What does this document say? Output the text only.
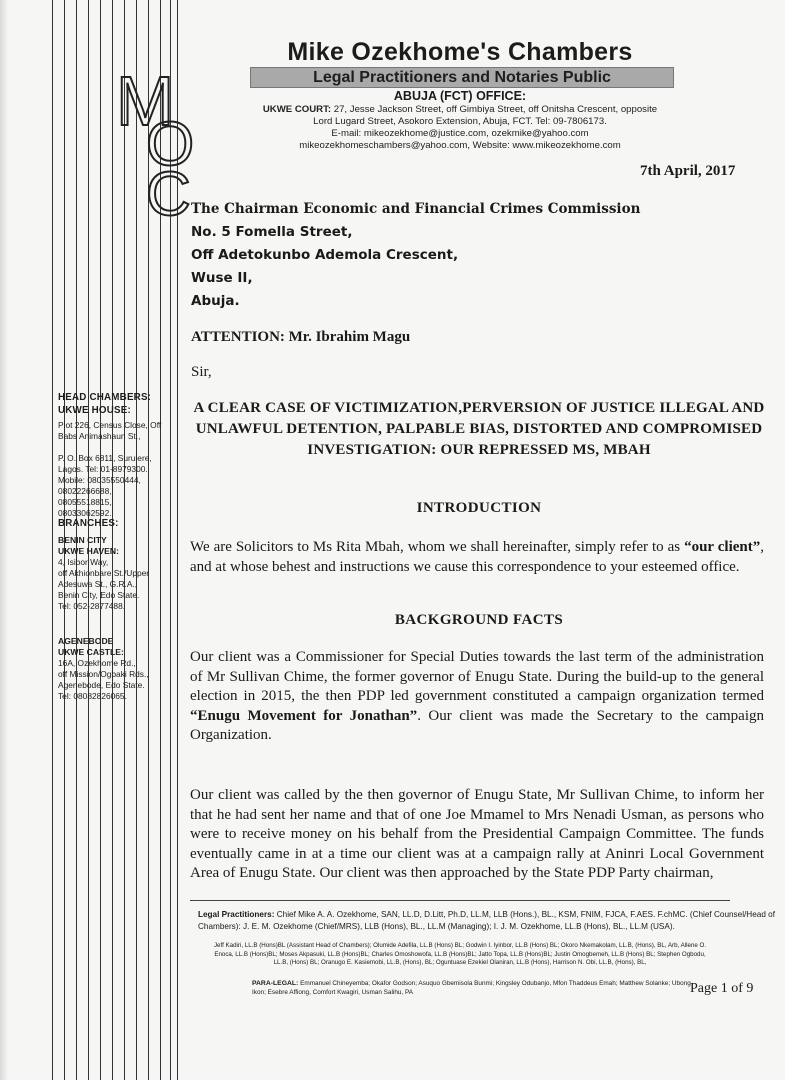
M
O
C
Mike Ozekhome's Chambers
Legal Practitioners and Notaries Public
ABUJA (FCT) OFFICE:
UKWE COURT: 27, Jesse Jackson Street, off Gimbiya Street, off Onitsha Crescent, opposite
Lord Lugard Street, Asokoro Extension, Abuja, FCT. Tel: 09-7806173.
E-mail: mikeozekhome@justice.com, ozekmike@yahoo.com
mikeozekhomeschambers@yahoo.com, Website: www.mikeozekhome.com
7th April, 2017
The Chairman Economic and Financial Crimes Commission
No. 5 Fomella Street,
Off Adetokunbo Ademola Crescent,
Wuse II,
Abuja.
ATTENTION: Mr. Ibrahim Magu
Sir,
A CLEAR CASE OF VICTIMIZATION,PERVERSION OF JUSTICE ILLEGAL AND UNLAWFUL DETENTION, PALPABLE BIAS, DISTORTED AND COMPROMISED INVESTIGATION: OUR REPRESSED MS, MBAH
INTRODUCTION
We are Solicitors to Ms Rita Mbah, whom we shall hereinafter, simply refer to as “our client”, and at whose behest and instructions we cause this correspondence to your esteemed office.
BACKGROUND FACTS
Our client was a Commissioner for Special Duties towards the last term of the administration of Mr Sullivan Chime, the former governor of Enugu State. During the build-up to the general election in 2015, the then PDP led government constituted a campaign organization termed “Enugu Movement for Jonathan”. Our client was made the Secretary to the campaign Organization.
Our client was called by the then governor of Enugu State, Mr Sullivan Chime, to inform her that he had sent her name and that of one Joe Mmamel to Mrs Nenadi Usman, as persons who were to receive money on his behalf from the Presidential Campaign Committee. The funds eventually came in at a time our client was at a campaign rally at Aninri Local Government Area of Enugu State. Our client was then approached by the State PDP Party chairman,
HEAD CHAMBERS:
UKWE HOUSE:
Plot 226, Census Close, Off
Babs Animashaun St.,

P. O. Box 6811, Surulere,
Lagos. Tel: 01-8979300.
Mobile: 08035550444,
08022266688,
08055518815,
08033062592.
BRANCHES:
BENIN CITY
UKWE HAVEN:
4, Isibor Way,
off Akhionbare St./Upper
Adesuwa St., G.R.A.,
Benin City, Edo State.
Tel: 052-2877488.
AGENEBODE
UKWE CASTLE:
16A, Ozekhome Rd.,
off Mission/Ogbaki Rds.,
Agenebode, Edo State.
Tel: 08082826065.
Legal Practitioners: Chief Mike A. A. Ozekhome, SAN, LL.D, D.Litt, Ph.D, LL.M, LLB (Hons.), BL., KSM, FNIM, FJCA, F.AES. F.chMC. (Chief Counsel/Head of Chambers): J. E. M. Ozekhome (Chief/MRS), LLB (Hons), BL., LL.M (Managing); I. J. M. Ozekhome, LL.B (Hons), BL., LL.M (USA).
Jeff Kadiri, LL.B (Hons)BL (Assistant Head of Chambers); Olumide Adefila, LL.B (Hons) BL; Godwin I. Iyinbor, LL.B (Hons) BL; Okoro Nkemakolam, LL.B, (Hons), BL, Arb, Allene O. Enoca, LL.B (Hons)BL; Moses Akpasuki, LL.B (Hons)BL; Charles Omoshowofa, LL.B (Hons)BL; Jatto Topa, LL.B (Hons)BL; Justin Omogbemeh, LL.B (Hons) BL; Stephen Ogbodu, LL.B, (Hons) BL; Oranugo E. Kasiemobi, LL.B, (Hons), BL; Oguntuase Ezekiel Olaniran, LL.B (Hons), Harrison N. Obi, LL.B, (Hons), BL,
PARA-LEGAL: Emmanuel Chineyemba; Okafor Godson; Asuquo Gbemisola Bunmi; Kingsley Odubanjo, Mfon Thaddeus Emah; Matthew Solanke; Ubong Ikon; Esebre Affiong, Comfort Kwagiri, Usman Salihu, PA	Page 1 of 9
